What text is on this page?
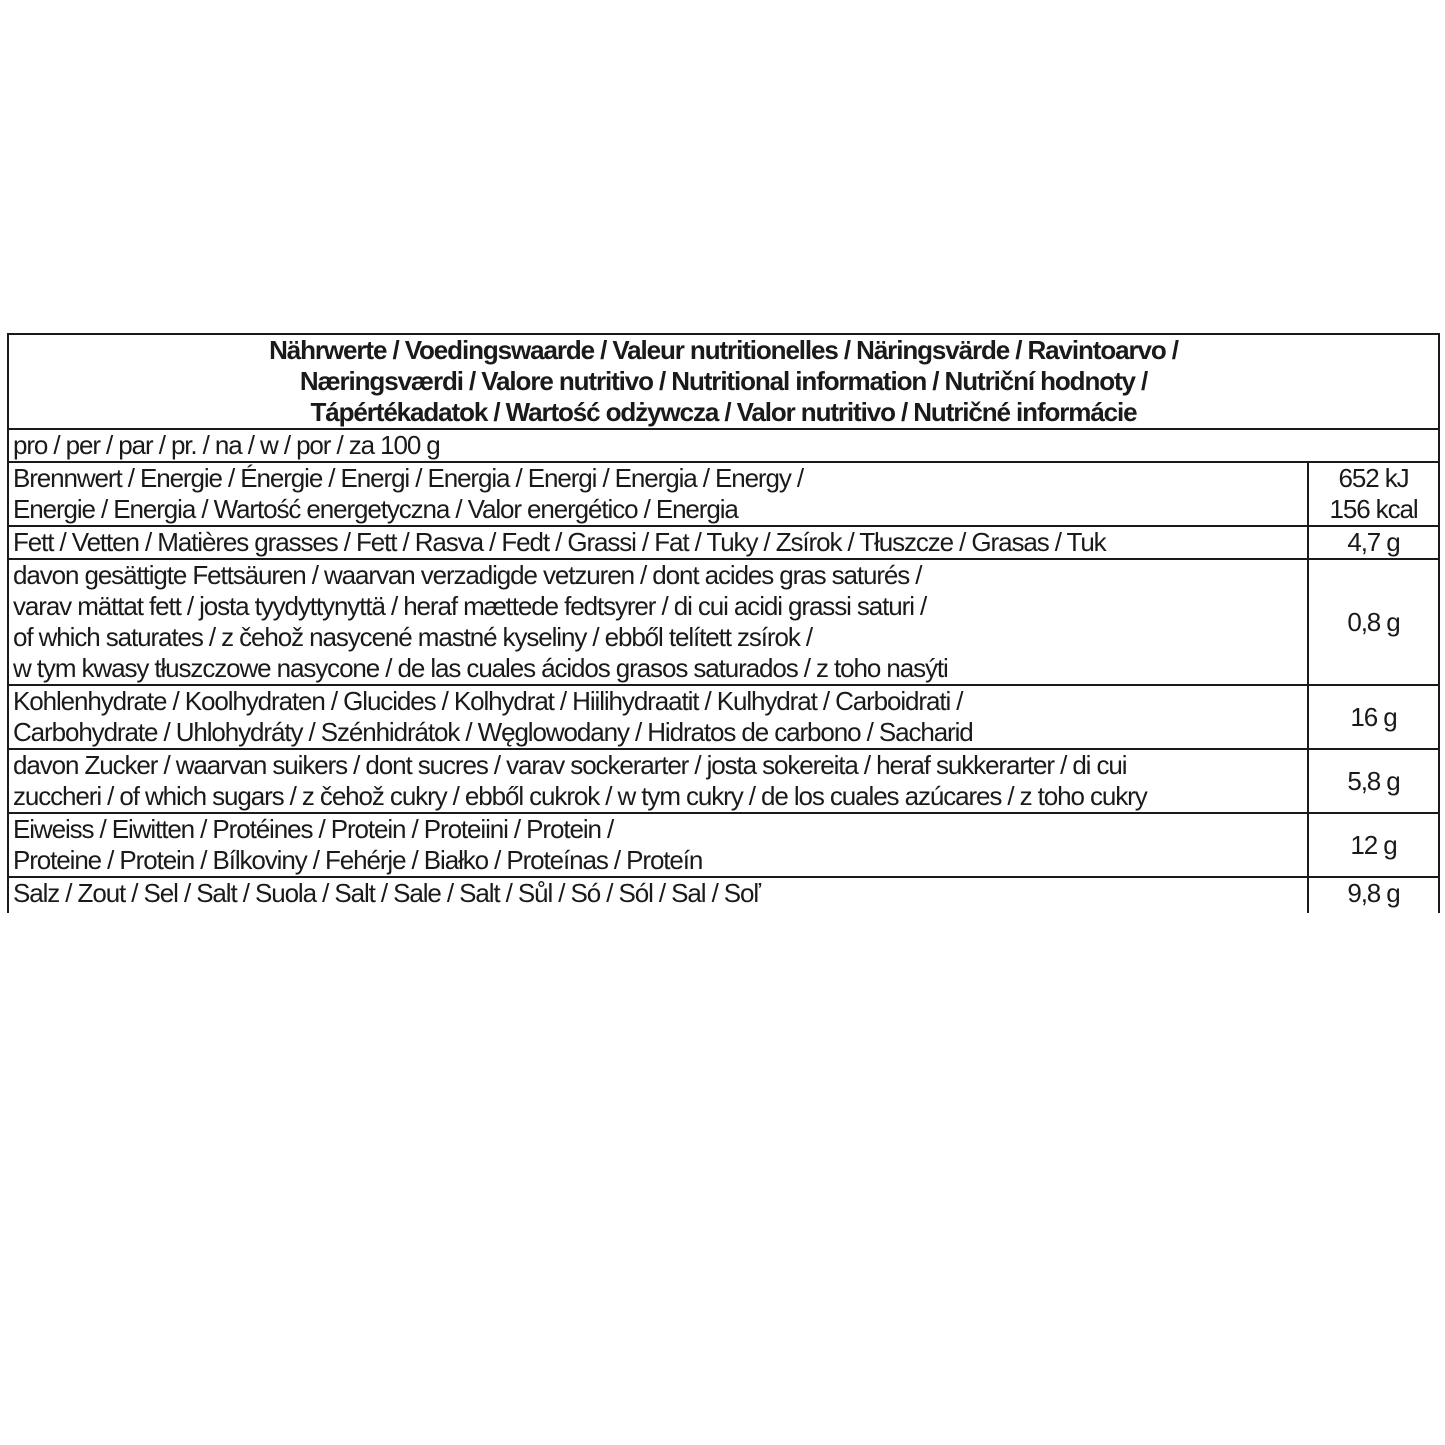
Nährwerte / Voedingswaarde / Valeur nutritionelles / Näringsvärde / Ravintoarvo /
Næringsværdi / Valore nutritivo / Nutritional information / Nutriční hodnoty /
Tápértékadatok / Wartość odżywcza / Valor nutritivo / Nutričné informácie	
pro / per / par / pr. / na / w / por / za 100 g	
Brennwert / Energie / Énergie / Energi / Energia / Energi / Energia / Energy /
Energie / Energia / Wartość energetyczna / Valor energético / Energia	652 kJ
156 kcal
Fett / Vetten / Matières grasses / Fett / Rasva / Fedt / Grassi / Fat / Tuky / Zsírok / Tłuszcze / Grasas / Tuk	4,7 g
davon gesättigte Fettsäuren / waarvan verzadigde vetzuren / dont acides gras saturés /
varav mättat fett / josta tyydyttynyttä / heraf mættede fedtsyrer / di cui acidi grassi saturi /
of which saturates / z čehož nasycené mastné kyseliny / ebből telített zsírok /
w tym kwasy tłuszczowe nasycone / de las cuales ácidos grasos saturados / z toho nasýti	0,8 g
Kohlenhydrate / Koolhydraten / Glucides / Kolhydrat / Hiilihydraatit / Kulhydrat / Carboidrati /
Carbohydrate / Uhlohydráty / Szénhidrátok / Węglowodany / Hidratos de carbono / Sacharid	16 g
davon Zucker / waarvan suikers / dont sucres / varav sockerarter / josta sokereita / heraf sukkerarter / di cui
zuccheri / of which sugars / z čehož cukry / ebből cukrok / w tym cukry / de los cuales azúcares / z toho cukry	5,8 g
Eiweiss / Eiwitten / Protéines / Protein / Proteiini / Protein /
Proteine / Protein / Bílkoviny / Fehérje / Białko / Proteínas / Proteín	12 g
Salz / Zout / Sel / Salt / Suola / Salt / Sale / Salt / Sůl / Só / Sól / Sal / Soľ	9,8 g
